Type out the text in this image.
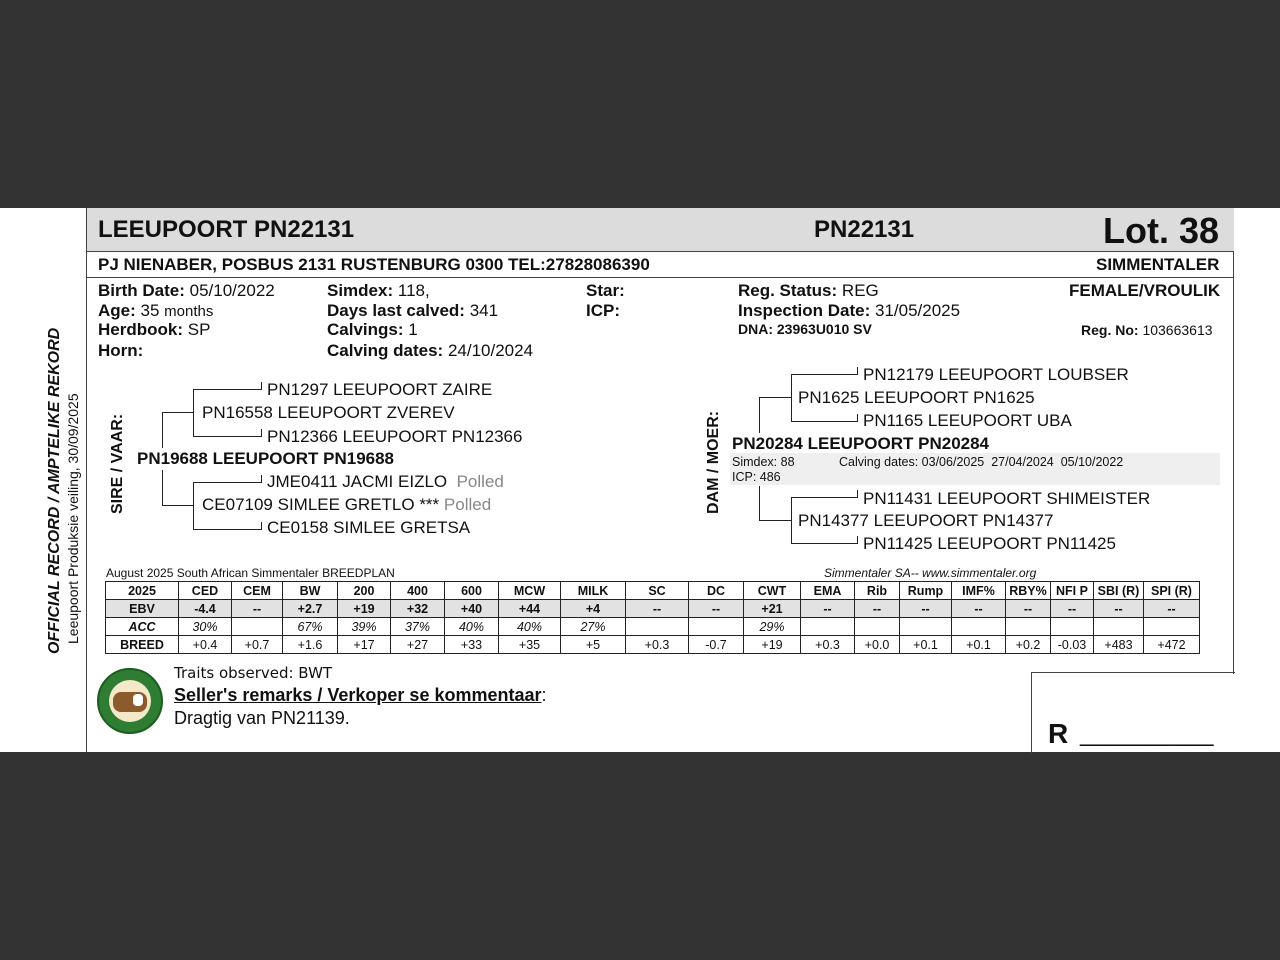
LEEUPOORT PN22131	PN22131	Lot. 38
PJ NIENABER, POSBUS 2131 RUSTENBURG 0300 TEL:27828086390	SIMMENTALER
Birth Date: 05/10/2022
Age: 35 months
Herdbook: SP
Horn:
Simdex: 118,
Days last calved: 341
Calvings: 1
Calving dates: 24/10/2024
Star:
ICP:
Reg. Status: REG
Inspection Date: 31/05/2025
DNA: 23963U010 SV
FEMALE/VROULIK
Reg. No: 103663613
OFFICIAL RECORD / AMPTELIKE REKORD Leeupoort Produksie veiling, 30/09/2025 SIRE / VAAR:
PN1297 LEEUPOORT ZAIRE
PN16558 LEEUPOORT ZVEREV
PN12366 LEEUPOORT PN12366
PN19688 LEEUPOORT PN19688
JME0411 JACMI EIZLO Polled
CE07109 SIMLEE GRETLO *** Polled
CE0158 SIMLEE GRETSA
DAM / MOER:
PN12179 LEEUPOORT LOUBSER
PN1625 LEEUPOORT PN1625
PN1165 LEEUPOORT UBA
PN20284 LEEUPOORT PN20284
Simdex: 88	Calving dates: 03/06/2025  27/04/2024  05/10/2022
ICP: 486
PN11431 LEEUPOORT SHIMEISTER
PN14377 LEEUPOORT PN14377
PN11425 LEEUPOORT PN11425
August 2025 South African Simmentaler BREEDPLAN	Simmentaler SA-- www.simmentaler.org
2025	CED	CEM	BW	200	400	600	MCW	MILK	SC	DC	CWT	EMA	Rib	Rump	IMF%	RBY%	NFI P	SBI (R)	SPI (R)
EBV	-4.4	--	+2.7	+19	+32	+40	+44	+4	--	--	+21	--	--	--	--	--	--	--	--
ACC	30%		67%	39%	37%	40%	40%	27%			29%								
BREED	+0.4	+0.7	+1.6	+17	+27	+33	+35	+5	+0.3	-0.7	+19	+0.3	+0.0	+0.1	+0.1	+0.2	-0.03	+483	+472
Traits observed: BWT
Seller's remarks / Verkoper se kommentaar:
Dragtig van PN21139.	R __________
